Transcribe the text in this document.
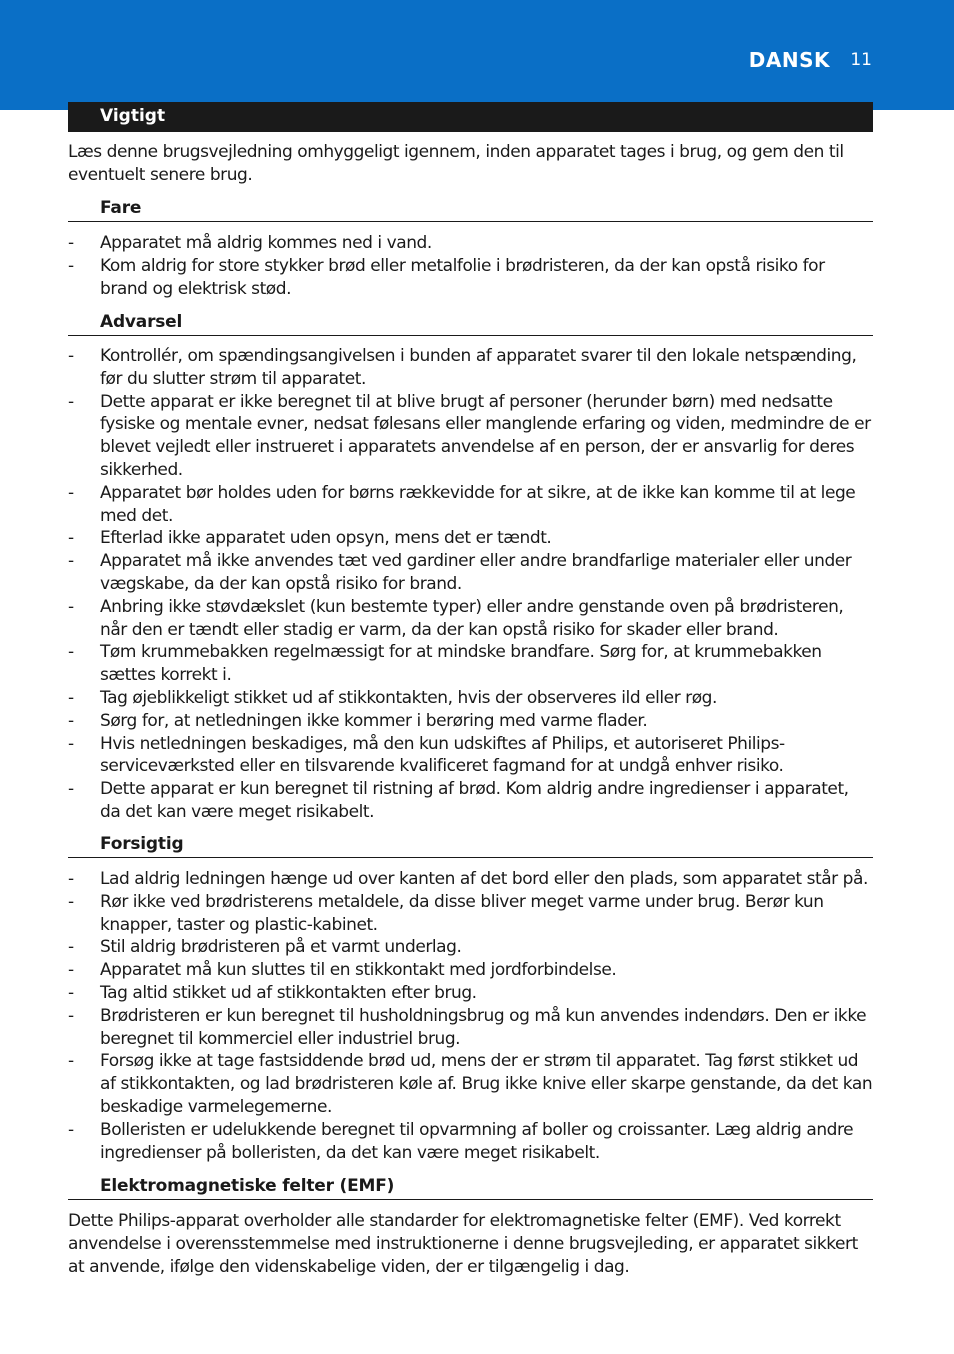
DANSK 11
Vigtigt

Læs denne brugsvejledning omhyggeligt igennem, inden apparatet tages i brug, og gem den til eventuelt senere brug.

Fare
- Apparatet må aldrig kommes ned i vand.
- Kom aldrig for store stykker brød eller metalfolie i brødristeren, da der kan opstå risiko for brand og elektrisk stød.
Advarsel
- Kontrollér, om spændingsangivelsen i bunden af apparatet svarer til den lokale netspænding, før du slutter strøm til apparatet.
- Dette apparat er ikke beregnet til at blive brugt af personer (herunder børn) med nedsatte fysiske og mentale evner, nedsat følesans eller manglende erfaring og viden, medmindre de er blevet vejledt eller instrueret i apparatets anvendelse af en person, der er ansvarlig for deres sikkerhed.
- Apparatet bør holdes uden for børns rækkevidde for at sikre, at de ikke kan komme til at lege med det.
- Efterlad ikke apparatet uden opsyn, mens det er tændt.
- Apparatet må ikke anvendes tæt ved gardiner eller andre brandfarlige materialer eller under vægskabe, da der kan opstå risiko for brand.
- Anbring ikke støvdækslet (kun bestemte typer) eller andre genstande oven på brødristeren, når den er tændt eller stadig er varm, da der kan opstå risiko for skader eller brand.
- Tøm krummebakken regelmæssigt for at mindske brandfare. Sørg for, at krummebakken sættes korrekt i.
- Tag øjeblikkeligt stikket ud af stikkontakten, hvis der observeres ild eller røg.
- Sørg for, at netledningen ikke kommer i berøring med varme flader.
- Hvis netledningen beskadiges, må den kun udskiftes af Philips, et autoriseret Philips-serviceværksted eller en tilsvarende kvalificeret fagmand for at undgå enhver risiko.
- Dette apparat er kun beregnet til ristning af brød. Kom aldrig andre ingredienser i apparatet, da det kan være meget risikabelt.
Forsigtig
- Lad aldrig ledningen hænge ud over kanten af det bord eller den plads, som apparatet står på.
- Rør ikke ved brødristerens metaldele, da disse bliver meget varme under brug. Berør kun knapper, taster og plastic-kabinet.
- Stil aldrig brødristeren på et varmt underlag.
- Apparatet må kun sluttes til en stikkontakt med jordforbindelse.
- Tag altid stikket ud af stikkontakten efter brug.
- Brødristeren er kun beregnet til husholdningsbrug og må kun anvendes indendørs. Den er ikke beregnet til kommerciel eller industriel brug.
- Forsøg ikke at tage fastsiddende brød ud, mens der er strøm til apparatet. Tag først stikket ud af stikkontakten, og lad brødristeren køle af. Brug ikke knive eller skarpe genstande, da det kan beskadige varmelegemerne.
- Bolleristen er udelukkende beregnet til opvarmning af boller og croissanter. Læg aldrig andre ingredienser på bolleristen, da det kan være meget risikabelt.
Elektromagnetiske felter (EMF)

Dette Philips-apparat overholder alle standarder for elektromagnetiske felter (EMF). Ved korrekt anvendelse i overensstemmelse med instruktionerne i denne brugsvejleding, er apparatet sikkert at anvende, ifølge den videnskabelige viden, der er tilgængelig i dag.
